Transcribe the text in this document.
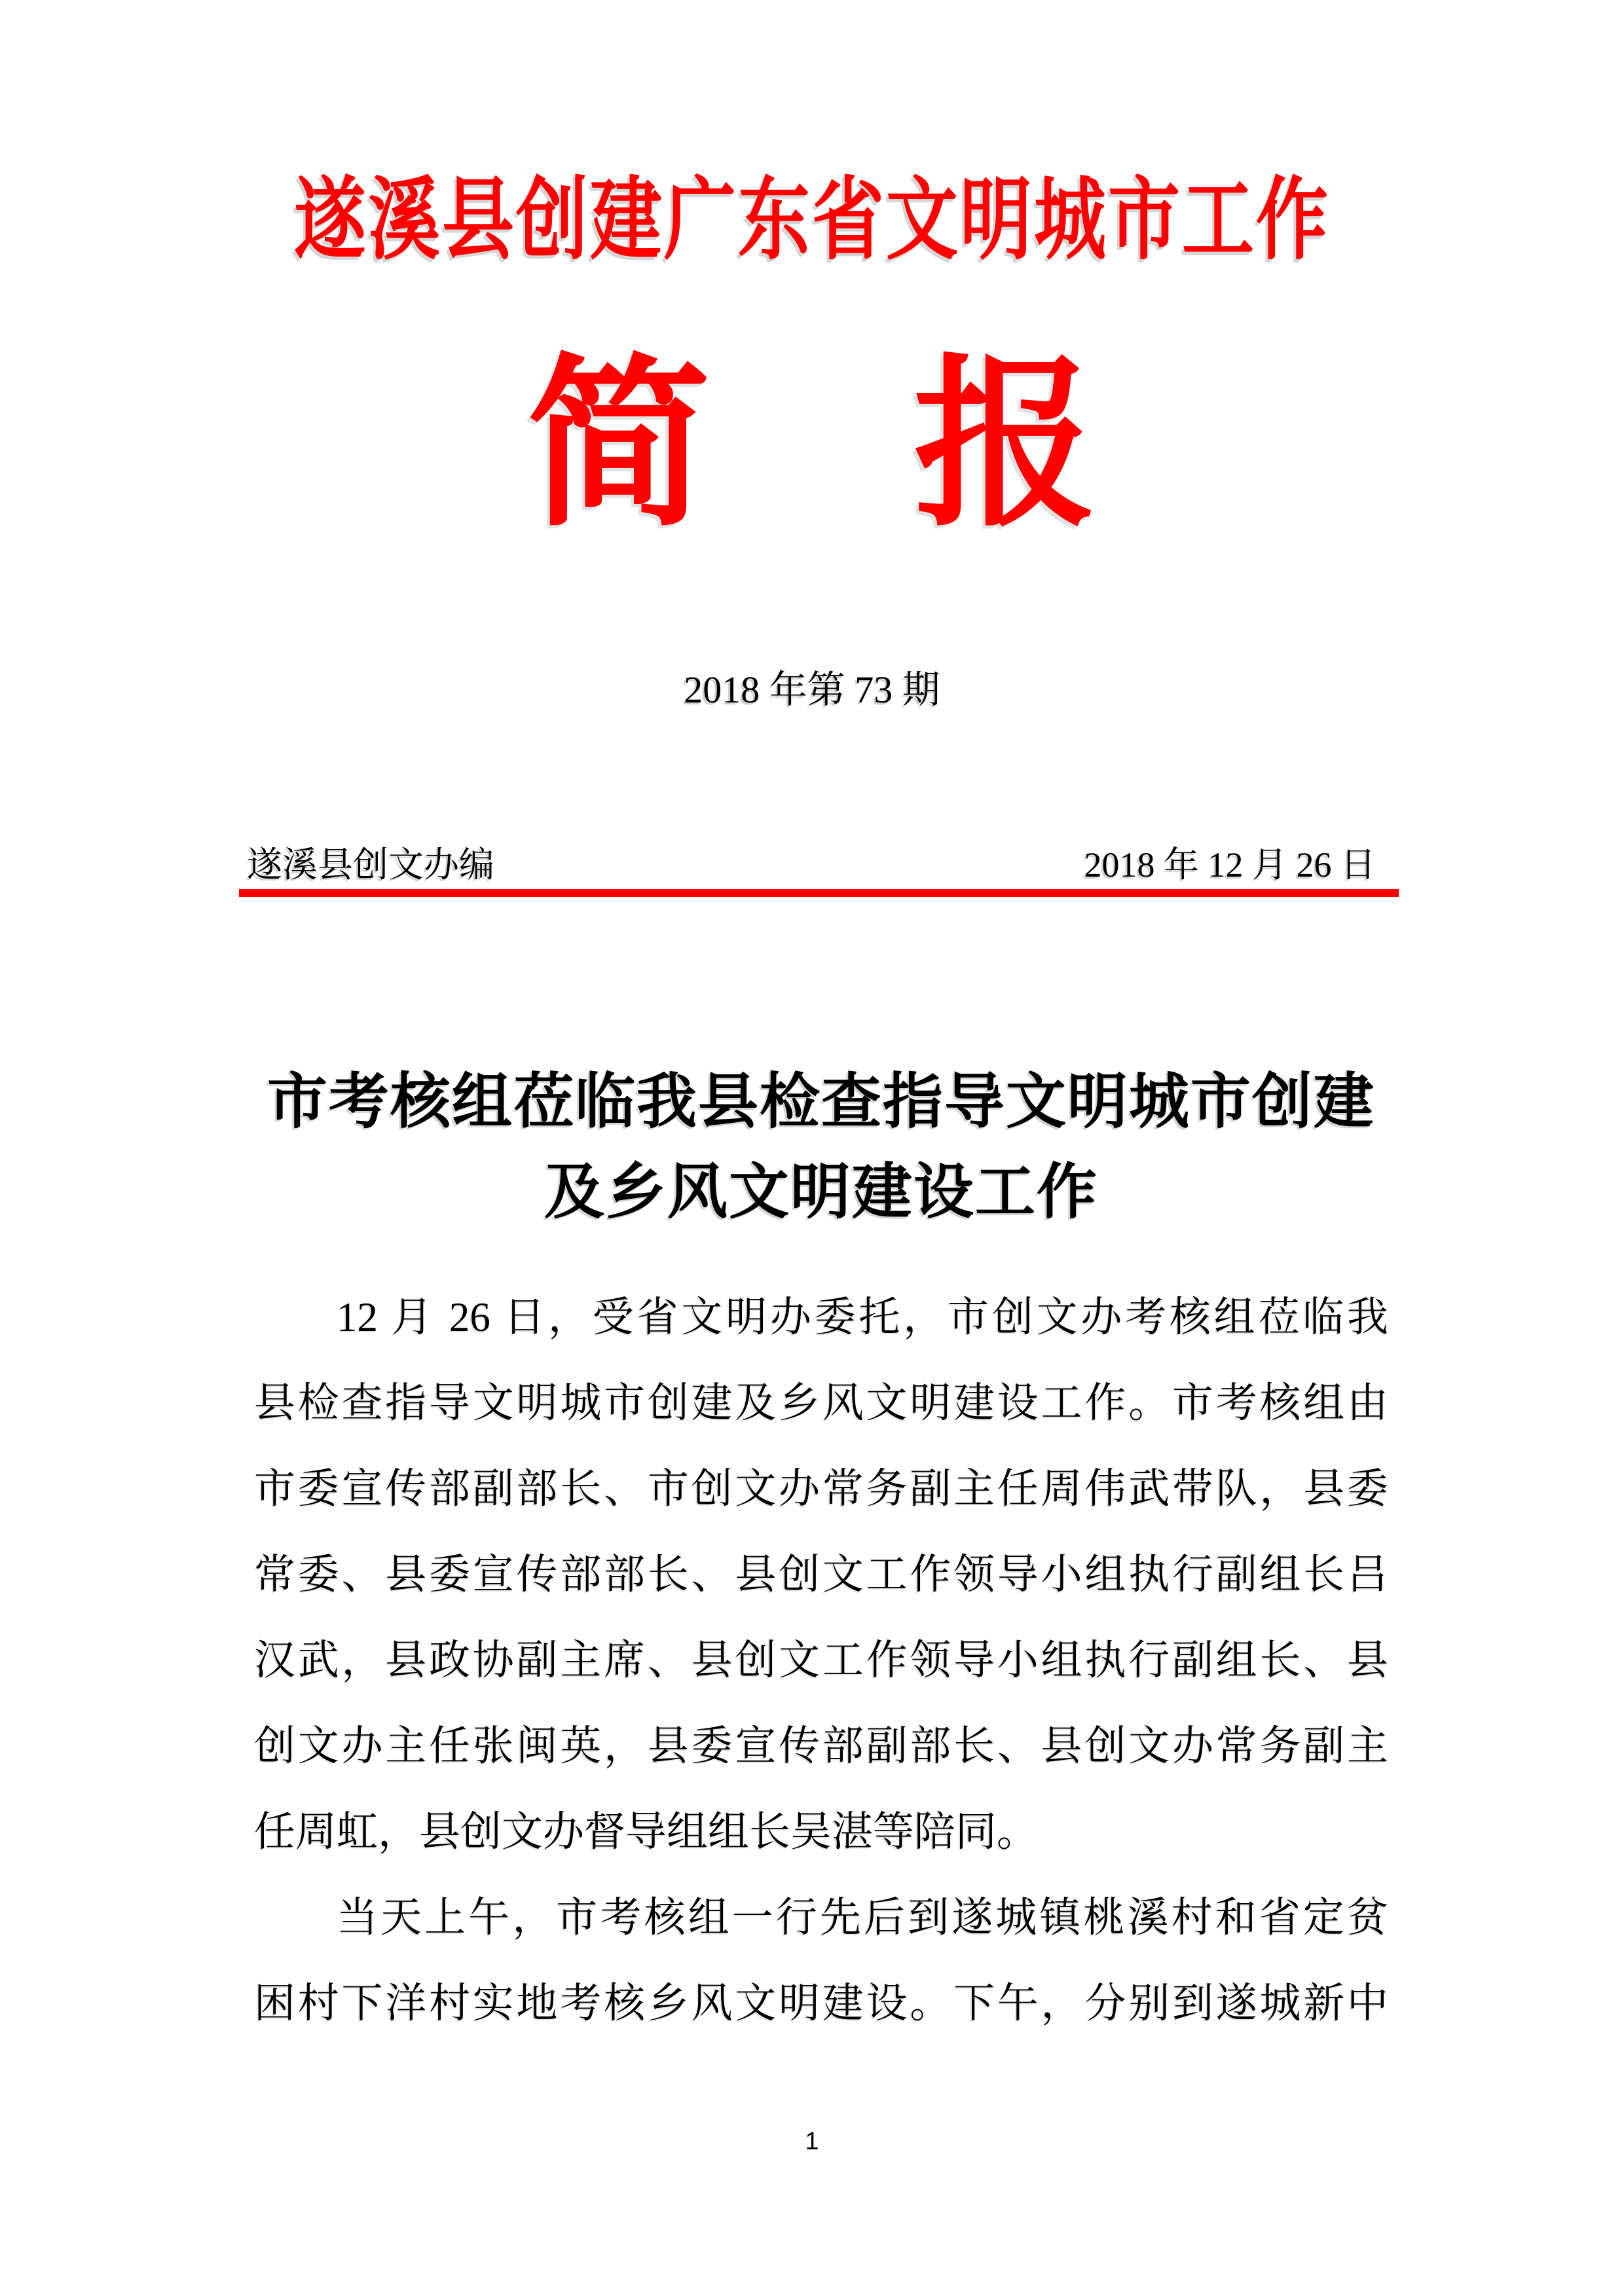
遂溪县创建广东省文明城市工作
简 报
2018 年第 73 期
遂溪县创文办编	2018 年 12 月 26 日
市考核组莅临我县检查指导文明城市创建
及乡风文明建设工作
12 月 26 日，受省文明办委托，市创文办考核组莅临我
县检查指导文明城市创建及乡风文明建设工作。市考核组由
市委宣传部副部长、市创文办常务副主任周伟武带队，县委
常委、县委宣传部部长、县创文工作领导小组执行副组长吕
汉武，县政协副主席、县创文工作领导小组执行副组长、县
创文办主任张闽英，县委宣传部副部长、县创文办常务副主
任周虹，县创文办督导组组长吴湛等陪同。
当天上午，市考核组一行先后到遂城镇桃溪村和省定贫
困村下洋村实地考核乡风文明建设。下午，分别到遂城新中
1
